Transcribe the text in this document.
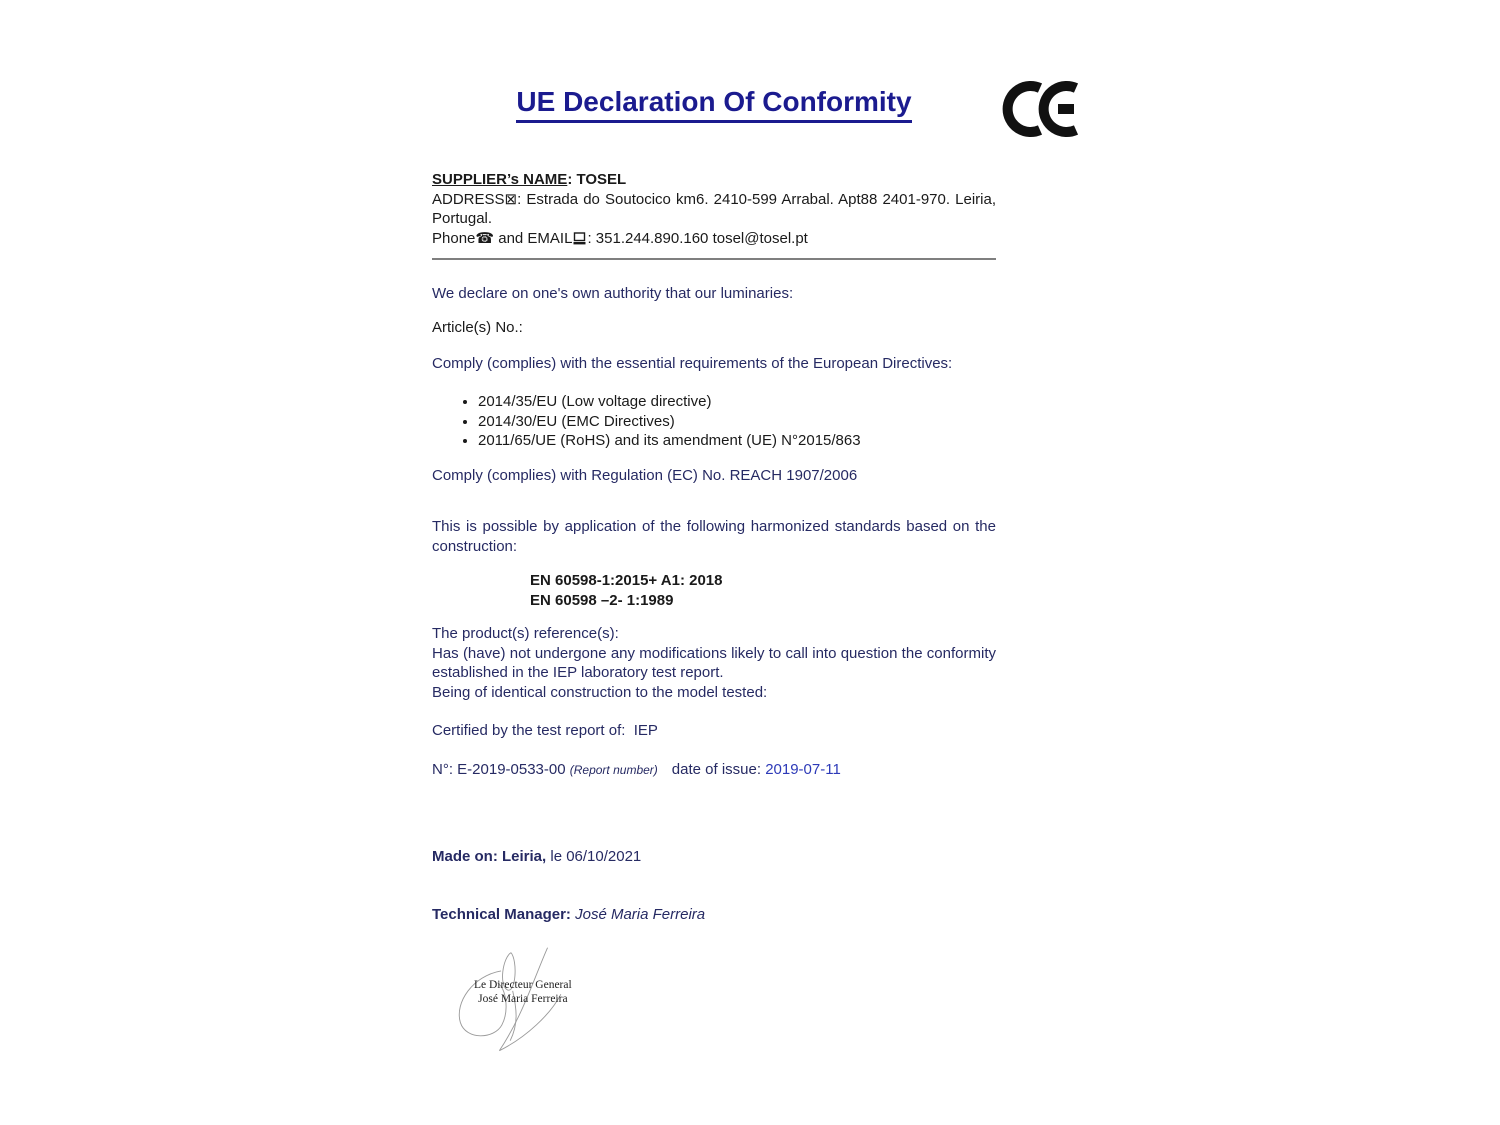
UE Declaration Of Conformity

SUPPLIER’s NAME: TOSEL

ADDRESS⊠: Estrada do Soutocico km6. 2410-599 Arrabal. Apt88 2401-970. Leiria, Portugal.

Phone☎ and EMAIL : 351.244.890.160 tosel@tosel.pt

We declare on one's own authority that our luminaries:

Article(s) No.:

Comply (complies) with the essential requirements of the European Directives:

• 2014/35/EU (Low voltage directive)
• 2014/30/EU (EMC Directives)
• 2011/65/UE (RoHS) and its amendment (UE) N°2015/863

Comply (complies) with Regulation (EC) No. REACH 1907/2006

This is possible by application of the following harmonized standards based on the construction:

EN 60598-1:2015+ A1: 2018

EN 60598 –2- 1:1989

The product(s) reference(s):

Has (have) not undergone any modifications likely to call into question the conformity established in the IEP laboratory test report.

Being of identical construction to the model tested:

Certified by the test report of:  IEP

N°: E-2019-0533-00 (Report number) date of issue: 2019-07-11

Made on: Leiria, le 06/10/2021

Technical Manager: José Maria Ferreira

Le Directeur General
José Maria Ferreira
